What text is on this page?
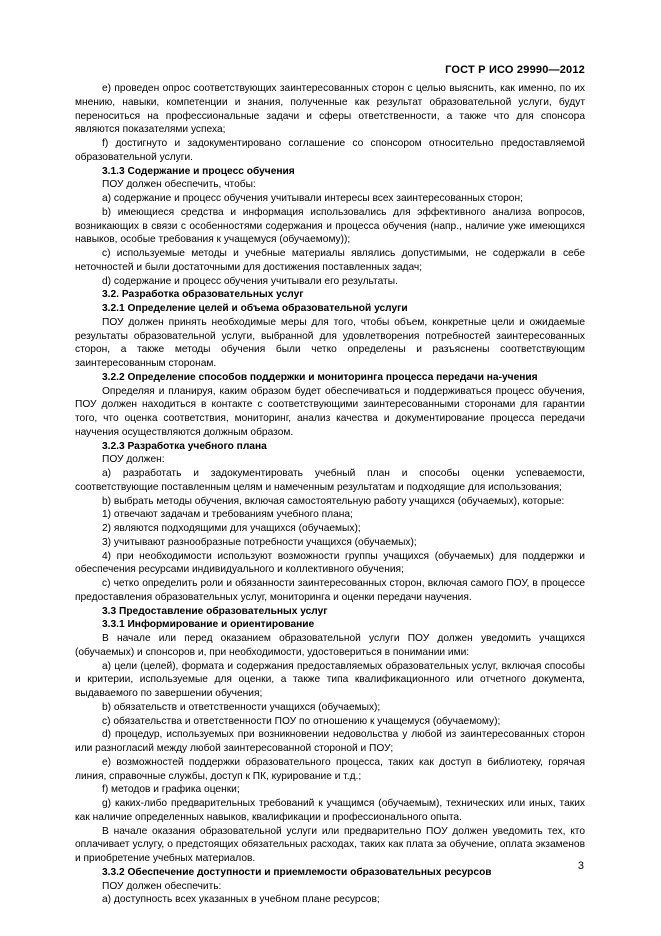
ГОСТ Р ИСО 29990—2012

е) проведен опрос соответствующих заинтересованных сторон с целью выяснить, как именно, по их мнению, навыки, компетенции и знания, полученные как результат образовательной услуги, будут переноситься на профессиональные задачи и сферы ответственности, а также что для спонсора являются показателями успеха;

f) достигнуто и задокументировано соглашение со спонсором относительно предоставляемой образовательной услуги.

3.1.3 Содержание и процесс обучения

ПОУ должен обеспечить, чтобы:

а) содержание и процесс обучения учитывали интересы всех заинтересованных сторон;

b) имеющиеся средства и информация использовались для эффективного анализа вопросов, возникающих в связи с особенностями содержания и процесса обучения (напр., наличие уже имеющихся навыков, особые требования к учащемуся (обучаемому));

c) используемые методы и учебные материалы являлись допустимыми, не содержали в себе неточностей и были достаточными для достижения поставленных задач;

d) содержание и процесс обучения учитывали его результаты.

3.2. Разработка образовательных услуг

3.2.1 Определение целей и объема образовательной услуги

ПОУ должен принять необходимые меры для того, чтобы объем, конкретные цели и ожидаемые результаты образовательной услуги, выбранной для удовлетворения потребностей заинтересованных сторон, а также методы обучения были четко определены и разъяснены соответствующим заинтересованным сторонам.

3.2.2 Определение способов поддержки и мониторинга процесса передачи на-учения

Определяя и планируя, каким образом будет обеспечиваться и поддерживаться процесс обучения, ПОУ должен находиться в контакте с соответствующими заинтересованными сторонами для гарантии того, что оценка соответствия, мониторинг, анализ качества и документирование процесса передачи научения осуществляются должным образом.

3.2.3 Разработка учебного плана

ПОУ должен:

а) разработать и задокументировать учебный план и способы оценки успеваемости, соответствующие поставленным целям и намеченным результатам и подходящие для использования;

b) выбрать методы обучения, включая самостоятельную работу учащихся (обучаемых), которые:

1) отвечают задачам и требованиям учебного плана;

2) являются подходящими для учащихся (обучаемых);

3) учитывают разнообразные потребности учащихся (обучаемых);

4) при необходимости используют возможности группы учащихся (обучаемых) для поддержки и обеспечения ресурсами индивидуального и коллективного обучения;

c) четко определить роли и обязанности заинтересованных сторон, включая самого ПОУ, в процессе предоставления образовательных услуг, мониторинга и оценки передачи научения.

3.3 Предоставление образовательных услуг

3.3.1 Информирование и ориентирование

В начале или перед оказанием образовательной услуги ПОУ должен уведомить учащихся (обучаемых) и спонсоров и, при необходимости, удостовериться в понимании ими:

а) цели (целей), формата и содержания предоставляемых образовательных услуг, включая способы и критерии, используемые для оценки, а также типа квалификационного или отчетного документа, выдаваемого по завершении обучения;

b) обязательств и ответственности учащихся (обучаемых);

c) обязательства и ответственности ПОУ по отношению к учащемуся (обучаемому);

d) процедур, используемых при возникновении недовольства у любой из заинтересованных сторон или разногласий между любой заинтересованной стороной и ПОУ;

е) возможностей поддержки образовательного процесса, таких как доступ в библиотеку, горячая линия, справочные службы, доступ к ПК, курирование и т.д.;

f) методов и графика оценки;

g) каких-либо предварительных требований к учащимся (обучаемым), технических или иных, таких как наличие определенных навыков, квалификации и профессионального опыта.

В начале оказания образовательной услуги или предварительно ПОУ должен уведомить тех, кто оплачивает услугу, о предстоящих обязательных расходах, таких как плата за обучение, оплата экзаменов и приобретение учебных материалов.

3.3.2 Обеспечение доступности и приемлемости образовательных ресурсов

ПОУ должен обеспечить:

а) доступность всех указанных в учебном плане ресурсов;

3
